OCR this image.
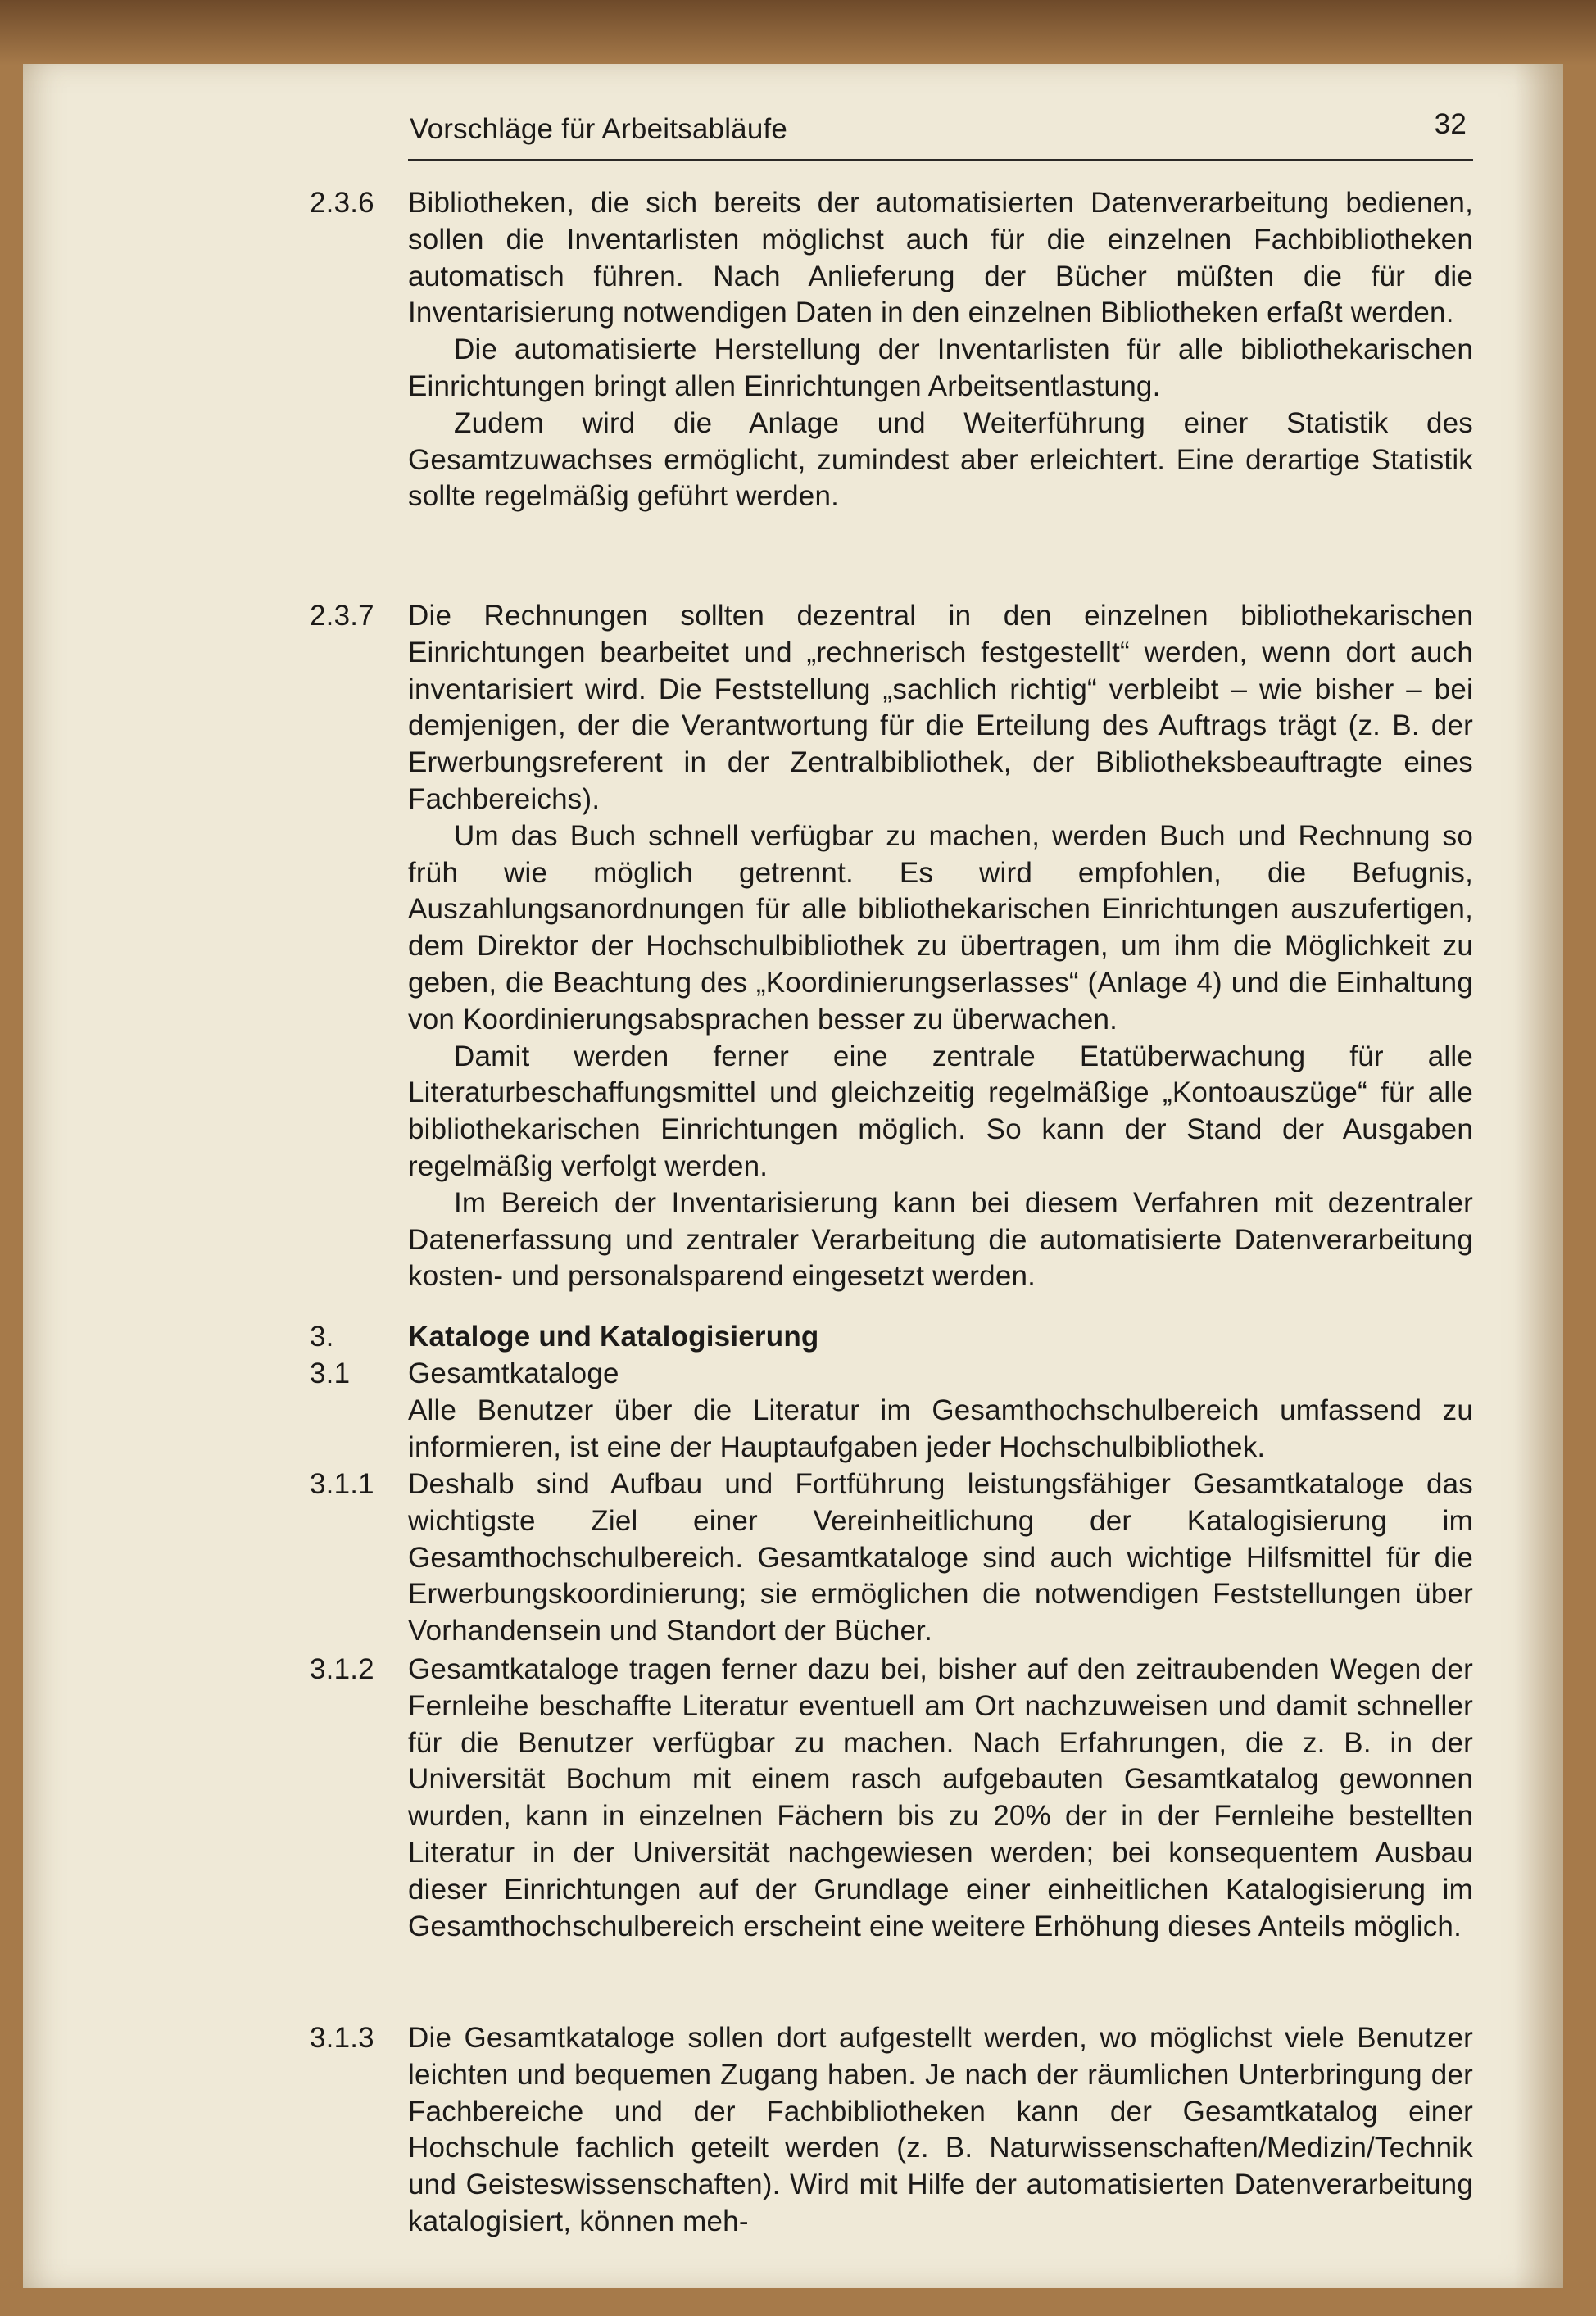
Vorschläge für Arbeitsabläufe	32
2.3.6 Bibliotheken, die sich bereits der automatisierten Datenverarbeitung bedienen, sollen die Inventarlisten möglichst auch für die einzelnen Fachbibliotheken automatisch führen. Nach Anlieferung der Bücher müßten die für die Inventarisierung notwendigen Daten in den einzelnen Bibliotheken erfaßt werden.

Die automatisierte Herstellung der Inventarlisten für alle bibliothekarischen Einrichtungen bringt allen Einrichtungen Arbeitsentlastung.

Zudem wird die Anlage und Weiterführung einer Statistik des Gesamtzuwachses ermöglicht, zumindest aber erleichtert. Eine derartige Statistik sollte regelmäßig geführt werden.

2.3.7 Die Rechnungen sollten dezentral in den einzelnen bibliothekarischen Einrichtungen bearbeitet und „rechnerisch festgestellt“ werden, wenn dort auch inventarisiert wird. Die Feststellung „sachlich richtig“ verbleibt – wie bisher – bei demjenigen, der die Verantwortung für die Erteilung des Auftrags trägt (z. B. der Erwerbungsreferent in der Zentralbibliothek, der Bibliotheksbeauftragte eines Fachbereichs).

Um das Buch schnell verfügbar zu machen, werden Buch und Rechnung so früh wie möglich getrennt. Es wird empfohlen, die Befugnis, Auszahlungsanordnungen für alle bibliothekarischen Einrichtungen auszufertigen, dem Direktor der Hochschulbibliothek zu übertragen, um ihm die Möglichkeit zu geben, die Beachtung des „Koordinierungserlasses“ (Anlage 4) und die Einhaltung von Koordinierungsabsprachen besser zu überwachen.

Damit werden ferner eine zentrale Etatüberwachung für alle Literaturbeschaffungsmittel und gleichzeitig regelmäßige „Kontoauszüge“ für alle bibliothekarischen Einrichtungen möglich. So kann der Stand der Ausgaben regelmäßig verfolgt werden.

Im Bereich der Inventarisierung kann bei diesem Verfahren mit dezentraler Datenerfassung und zentraler Verarbeitung die automatisierte Datenverarbeitung kosten- und personalsparend eingesetzt werden.

3.	Kataloge und Katalogisierung
3.1 Gesamtkataloge

Alle Benutzer über die Literatur im Gesamthochschulbereich umfassend zu informieren, ist eine der Hauptaufgaben jeder Hochschulbibliothek.

3.1.1 Deshalb sind Aufbau und Fortführung leistungsfähiger Gesamtkataloge das wichtigste Ziel einer Vereinheitlichung der Katalogisierung im Gesamthochschulbereich. Gesamtkataloge sind auch wichtige Hilfsmittel für die Erwerbungskoordinierung; sie ermöglichen die notwendigen Feststellungen über Vorhandensein und Standort der Bücher.

3.1.2 Gesamtkataloge tragen ferner dazu bei, bisher auf den zeitraubenden Wegen der Fernleihe beschaffte Literatur eventuell am Ort nachzuweisen und damit schneller für die Benutzer verfügbar zu machen. Nach Erfahrungen, die z. B. in der Universität Bochum mit einem rasch aufgebauten Gesamtkatalog gewonnen wurden, kann in einzelnen Fächern bis zu 20% der in der Fernleihe bestellten Literatur in der Universität nachgewiesen werden; bei konsequentem Ausbau dieser Einrichtungen auf der Grundlage einer einheitlichen Katalogisierung im Gesamthochschulbereich erscheint eine weitere Erhöhung dieses Anteils möglich.

3.1.3 Die Gesamtkataloge sollen dort aufgestellt werden, wo möglichst viele Benutzer leichten und bequemen Zugang haben. Je nach der räumlichen Unterbringung der Fachbereiche und der Fachbibliotheken kann der Gesamtkatalog einer Hochschule fachlich geteilt werden (z. B. Naturwissenschaften/Medizin/Technik und Geisteswissenschaften). Wird mit Hilfe der automatisierten Datenverarbeitung katalogisiert, können meh-
